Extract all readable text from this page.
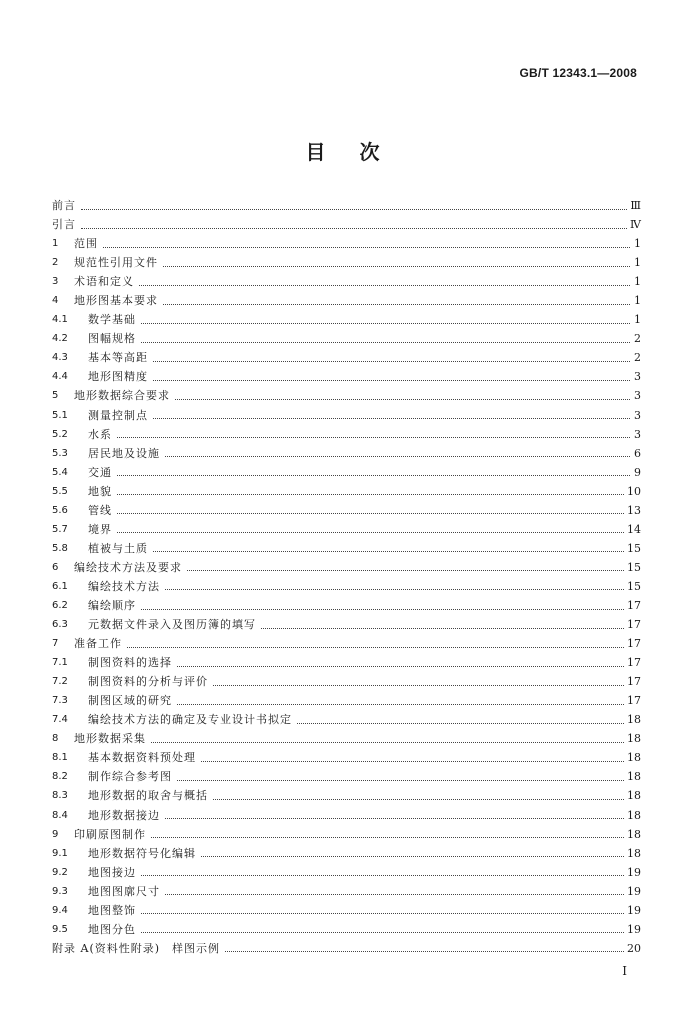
GB/T 12343.1—2008
目 次
前言	Ⅲ
引言	Ⅳ
1	范围	1
2	规范性引用文件	1
3	术语和定义	1
4	地形图基本要求	1
4.1	数学基础	1
4.2	图幅规格	2
4.3	基本等高距	2
4.4	地形图精度	3
5	地形数据综合要求	3
5.1	测量控制点	3
5.2	水系	3
5.3	居民地及设施	6
5.4	交通	9
5.5	地貌	10
5.6	管线	13
5.7	境界	14
5.8	植被与土质	15
6	编绘技术方法及要求	15
6.1	编绘技术方法	15
6.2	编绘顺序	17
6.3	元数据文件录入及图历簿的填写	17
7	准备工作	17
7.1	制图资料的选择	17
7.2	制图资料的分析与评价	17
7.3	制图区域的研究	17
7.4	编绘技术方法的确定及专业设计书拟定	18
8	地形数据采集	18
8.1	基本数据资料预处理	18
8.2	制作综合参考图	18
8.3	地形数据的取舍与概括	18
8.4	地形数据接边	18
9	印刷原图制作	18
9.1	地形数据符号化编辑	18
9.2	地图接边	19
9.3	地图图廓尺寸	19
9.4	地图整饰	19
9.5	地图分色	19
附录 A(资料性附录)　样图示例	20
Ⅰ
